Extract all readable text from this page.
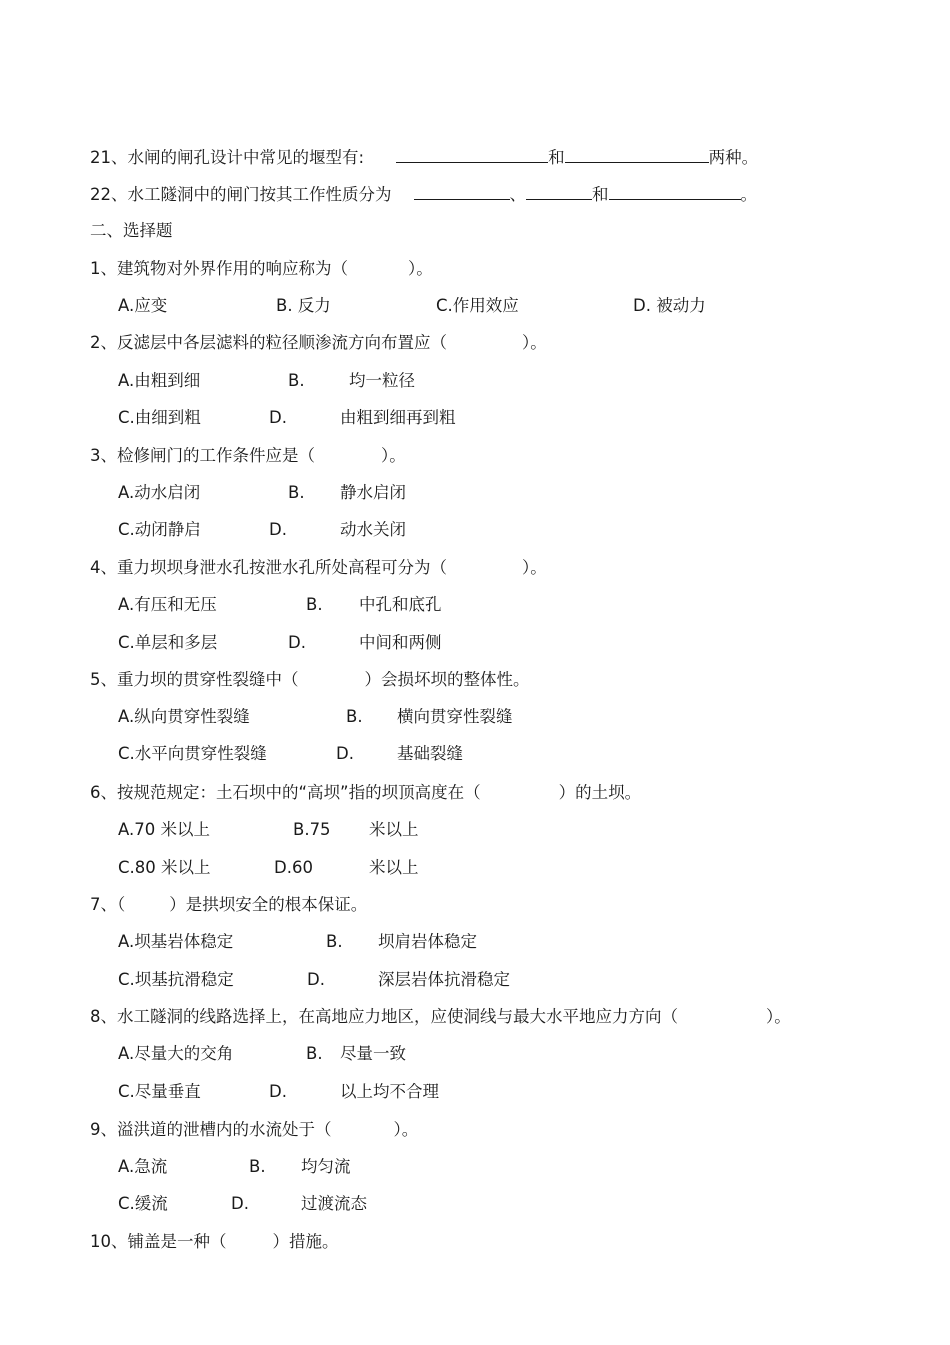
21、水闸的闸孔设计中常见的堰型有:	和	两种。
22、水工隧洞中的闸门按其工作性质分为	、	和	。
二、选择题
1、建筑物对外界作用的响应称为（	）。
A.应变	B. 反力	C.作用效应	D. 被动力
2、反滤层中各层滤料的粒径顺渗流方向布置应（	）。
A.由粗到细	B.	均一粒径
C.由细到粗	D.	由粗到细再到粗
3、检修闸门的工作条件应是（	）。
A.动水启闭	B. 静水启闭
C.动闭静启	D.	动水关闭
4、重力坝坝身泄水孔按泄水孔所处高程可分为（	）。
A.有压和无压	B. 中孔和底孔
C.单层和多层	D.	中间和两侧
5、重力坝的贯穿性裂缝中（	）会损坏坝的整体性。
A.纵向贯穿性裂缝	B. 横向贯穿性裂缝
C.水平向贯穿性裂缝	D.	基础裂缝
6、按规范规定：土石坝中的“高坝”指的坝顶高度在（	）的土坝。
A.70 米以上	B.75 米以上
C.80 米以上	D.60	米以上
7、（	）是拱坝安全的根本保证。
A.坝基岩体稳定	B. 坝肩岩体稳定
C.坝基抗滑稳定	D.	深层岩体抗滑稳定
8、水工隧洞的线路选择上，在高地应力地区，应使洞线与最大水平地应力方向（	）。
A.尽量大的交角	B. 尽量一致
C.尽量垂直	D.	以上均不合理
9、溢洪道的泄槽内的水流处于（	）。
A.急流	B. 均匀流
C.缓流	D.	过渡流态
10、铺盖是一种（	）措施。
